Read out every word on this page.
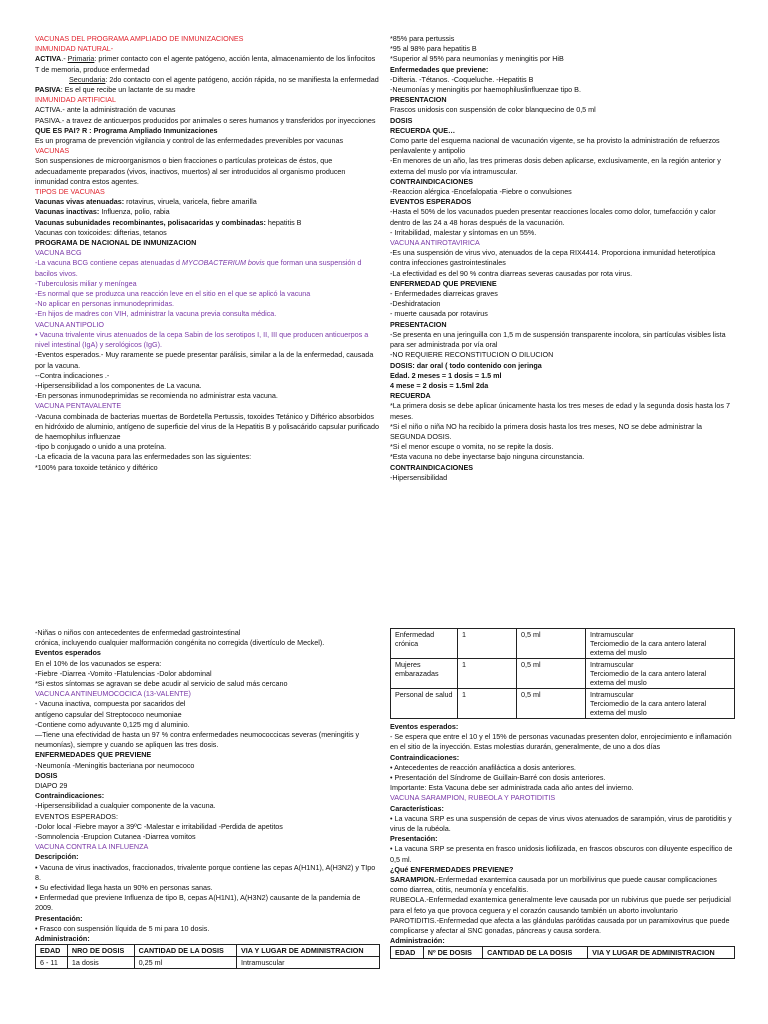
VACUNAS DEL PROGRAMA AMPLIADO DE INMUNIZACIONES

INMUNIDAD NATURAL-

ACTIVA.- Primaria: primer contacto con el agente patógeno, acción lenta, almacenamiento de los linfocitos T de memoria, produce enfermedad

Secundaria: 2do contacto con el agente patógeno, acción rápida, no se manifiesta la enfermedad

PASIVA: Es el que recibe un lactante de su madre

INMUNIDAD ARTIFICIAL

ACTIVA.- ante la administración de vacunas

PASIVA.- a travez de anticuerpos producidos por animales o seres humanos y transferidos por inyecciones

QUE ES PAI? R : Programa Ampliado Inmunizaciones

Es un programa de prevención vigilancia y control de las enfermedades prevenibles por vacunas

VACUNAS

Son suspensiones de microorganismos o bien fracciones o partículas proteicas de éstos, que adecuadamente preparados (vivos, inactivos, muertos) al ser introducidos al organismo producen inmunidad contra estos agentes.

TIPOS DE VACUNAS

Vacunas vivas atenuadas: rotavirus, viruela, varicela, fiebre amarilla

Vacunas inactivas: Influenza, polio, rabia

Vacunas subunidades recombinantes, polisacaridas y combinadas: hepatitis B

Vacunas con toxicoides: difterias, tetanos

PROGRAMA DE NACIONAL DE INMUNIZACION

VACUNA BCG

-La vacuna BCG contiene cepas atenuadas d MYCOBACTERIUM bovis que forman una suspensión d bacilos vivos.

-Tuberculosis miliar y meníngea

-Es normal que se produzca una reacción leve en el sitio en el que se aplicó la vacuna

-No aplicar en personas inmunodeprimidas.

-En hijos de madres con VIH, administrar la vacuna previa consulta médica.

VACUNA ANTIPOLIO

• Vacuna trivalente virus atenuados de la cepa Sabin de los serotipos I, II, III que producen anticuerpos a nivel intestinal (IgA) y serológicos (IgG).

-Eventos esperados.- Muy raramente se puede presentar parálisis, similar a la de la enfermedad, causada por la vacuna.

--Contra indicaciones .-

-Hipersensibilidad a los componentes de La vacuna.

-En personas inmunodeprimidas se recomienda no administrar esta vacuna.

VACUNA PENTAVALENTE

-Vacuna combinada de bacterias muertas de Bordetella Pertussis, toxoides Tetánico y Diftérico absorbidos en hidróxido de aluminio, antígeno de superficie del virus de la Hepatitis B y polisacárido capsular purificado de haemophilus influenzae

-tipo b conjugado o unido a una proteína.

-La eficacia de la vacuna para las enfermedades son las siguientes:

*100% para toxoide tetánico y diftérico

*85% para pertussis

*95 al 98% para hepatitis B

*Superior al 95% para neumonías y meningitis por HiB

Enfermedades que previene:

-Difteria. -Tétanos. -Coqueluche. -Hepatitis B

-Neumonías y meningitis por haemophiluslinfluenzae tipo B.

PRESENTACION

Frascos unidosis con suspensión de color blanquecino de 0,5 ml

DOSIS

RECUERDA QUE…

Como parte del esquema nacional de vacunación vigente, se ha provisto la administración de refuerzos penlavalente y antipolio

-En menores de un año, las tres primeras dosis deben aplicarse, exclusivamente, en la región anterior y externa del muslo por vía intramuscular.

CONTRAINDICACIONES

-Reaccion alérgica -Encefalopatia -Fiebre o convulsiones

EVENTOS ESPERADOS

-Hasta el 50% de los vacunados pueden presentar reacciones locales como dolor, tumefacción y calor dentro de las 24 a 48 horas después de la vacunación.

- Irritabilidad, malestar y síntomas en un 55%.

VACUNA ANTIROTAVIRICA

-Es una suspensión de virus vivo, atenuados de la cepa RIX4414. Proporciona inmunidad heterotípica contra infecciones gastrointestinales

-La efectividad es del 90 % contra diarreas severas causadas por rota virus.

ENFERMEDAD QUE PREVIENE

- Enfermedades diarreicas graves

-Deshidratacion

- muerte causada por rotavirus

PRESENTACION

-Se presenta en una jeringuilla con 1,5 m de suspensión transparente incolora, sin partículas visibles lista para ser administrada por vía oral

-NO REQUIERE RECONSTITUCION O DILUCION

DOSIS: dar oral ( todo contenido con jeringa

Edad. 2 meses = 1 dosis = 1.5 ml

4 mese = 2 dosis = 1.5ml 2da

RECUERDA

*La primera dosis se debe aplicar únicamente hasta los tres meses de edad y la segunda dosis hasta los 7 meses.

*Si el niño o niña NO ha recibido la primera dosis hasta los tres meses, NO se debe administrar la SEGUNDA DOSIS.

*Si el menor escupe o vomita, no se repite la dosis.

*Esta vacuna no debe inyectarse bajo ninguna circunstancia.

CONTRAINDICACIONES

-Hipersensibilidad

-Niñas o niños con antecedentes de enfermedad gastrointestinal

crónica, incluyendo cualquier malformación congénita no corregida (divertículo de Meckel).

Eventos esperados

En el 10% de los vacunados se espera:

-Fiebre -Diarrea -Vomito -Flatulencias -Dolor abdominal

*Si estos síntomas se agravan se debe acudir al servicio de salud más cercano

VACUNCA ANTINEUMOCOCICA (13-VALENTE)

- Vacuna inactiva, compuesta por sacaridos del

antígeno capsular del Streptococo neumoniae

-Contiene como adyuvante 0,125 mg d aluminio.

—Tiene una efectividad de hasta un 97 % contra enfermedades neumococcicas severas (meningitis y neumonías), siempre y cuando se apliquen las tres dosis.

ENFERMEDADES QUE PREVIENE

-Neumonía -Meningitis bacteriana por neumococo

DOSIS

DIAPO 29

Contraindicaciones:

-Hipersensibilidad a cualquier componente de la vacuna.

EVENTOS ESPERADOS:

-Dolor local -Fiebre mayor a 39ºC -Malestar e irritabilidad -Perdida de apetitos

-Somnolencia -Erupcion Cutanea -Diarrea vomitos

VACUNA CONTRA LA INFLUENZA

Descripción:

• Vacuna de virus inactivados, fraccionados, trivalente porque contiene las cepas A(H1N1), A(H3N2) y TIpo 8.

• Su efectividad llega hasta un 90% en personas sanas.

• Enfermedad que previene Influenza de tipo B, cepas A(H1N1), A(H3N2) causante de la pandemia de 2009.

Presentación:

• Frasco con suspensión líquida de 5 mi para 10 dosis.

Administración:

EDAD	NRO DE DOSIS	CANTIDAD DE LA DOSIS	VIA Y LUGAR DE ADMINISTRACION
6 - 11	1a dosis	0,25 ml	Intramuscular
Enfermedad crónica	1	0,5 ml	Intramuscular
Terciomedio de la cara antero lateral externa del muslo
Mujeres embarazadas	1	0,5 ml	Intramuscular
Terciomedio de la cara antero lateral externa del muslo
Personal de salud	1	0,5 ml	Intramuscular
Terciomedio de la cara antero lateral externa del muslo

Eventos esperados:

- Se espera que entre el 10 y el 15% de personas vacunadas presenten dolor, enrojecimiento e inflamación en el sitio de la inyección. Estas molestias durarán, generalmente, de uno a dos días

Contraindicaciones:

• Antecedentes de reacción anafiláctica a dosis anteriores.

• Presentación del Síndrome de Guillain-Barré con dosis anteriores.

Importante: Esta Vacuna debe ser administrada cada año antes del invierno.

VACUNA SARAMPION, RUBEOLA Y PAROTIDITIS

Características:

• La vacuna SRP es una suspensión de cepas de virus vivos atenuados de sarampión, virus de parotiditis y virus de la rubéola.

Presentación:

• La vacuna SRP se presenta en frasco unidosis liofilizada, en frascos obscuros con diluyente específico de 0,5 ml.

¿Qué ENFERMEDADES PREVIENE?

SARAMPION.-Enfermedad exantemica causada por un morbilivirus que puede causar complicaciones como diarrea, otitis, neumonía y encefalitis.

RUBEOLA.-Enfermedad exantemica generalmente leve causada por un rubivirus que puede ser perjudicial para el feto ya que provoca ceguera y el corazón causando también un aborto involuntario

PAROTIDITIS.-Enfermedad que afecta a las glándulas parótidas causada por un paramixovirus que puede complicarse y afectar al SNC gonadas, páncreas y causa sordera.

Administración:

EDAD	Nº DE DOSIS	CANTIDAD DE LA DOSIS	VIA Y LUGAR DE ADMINISTRACION
